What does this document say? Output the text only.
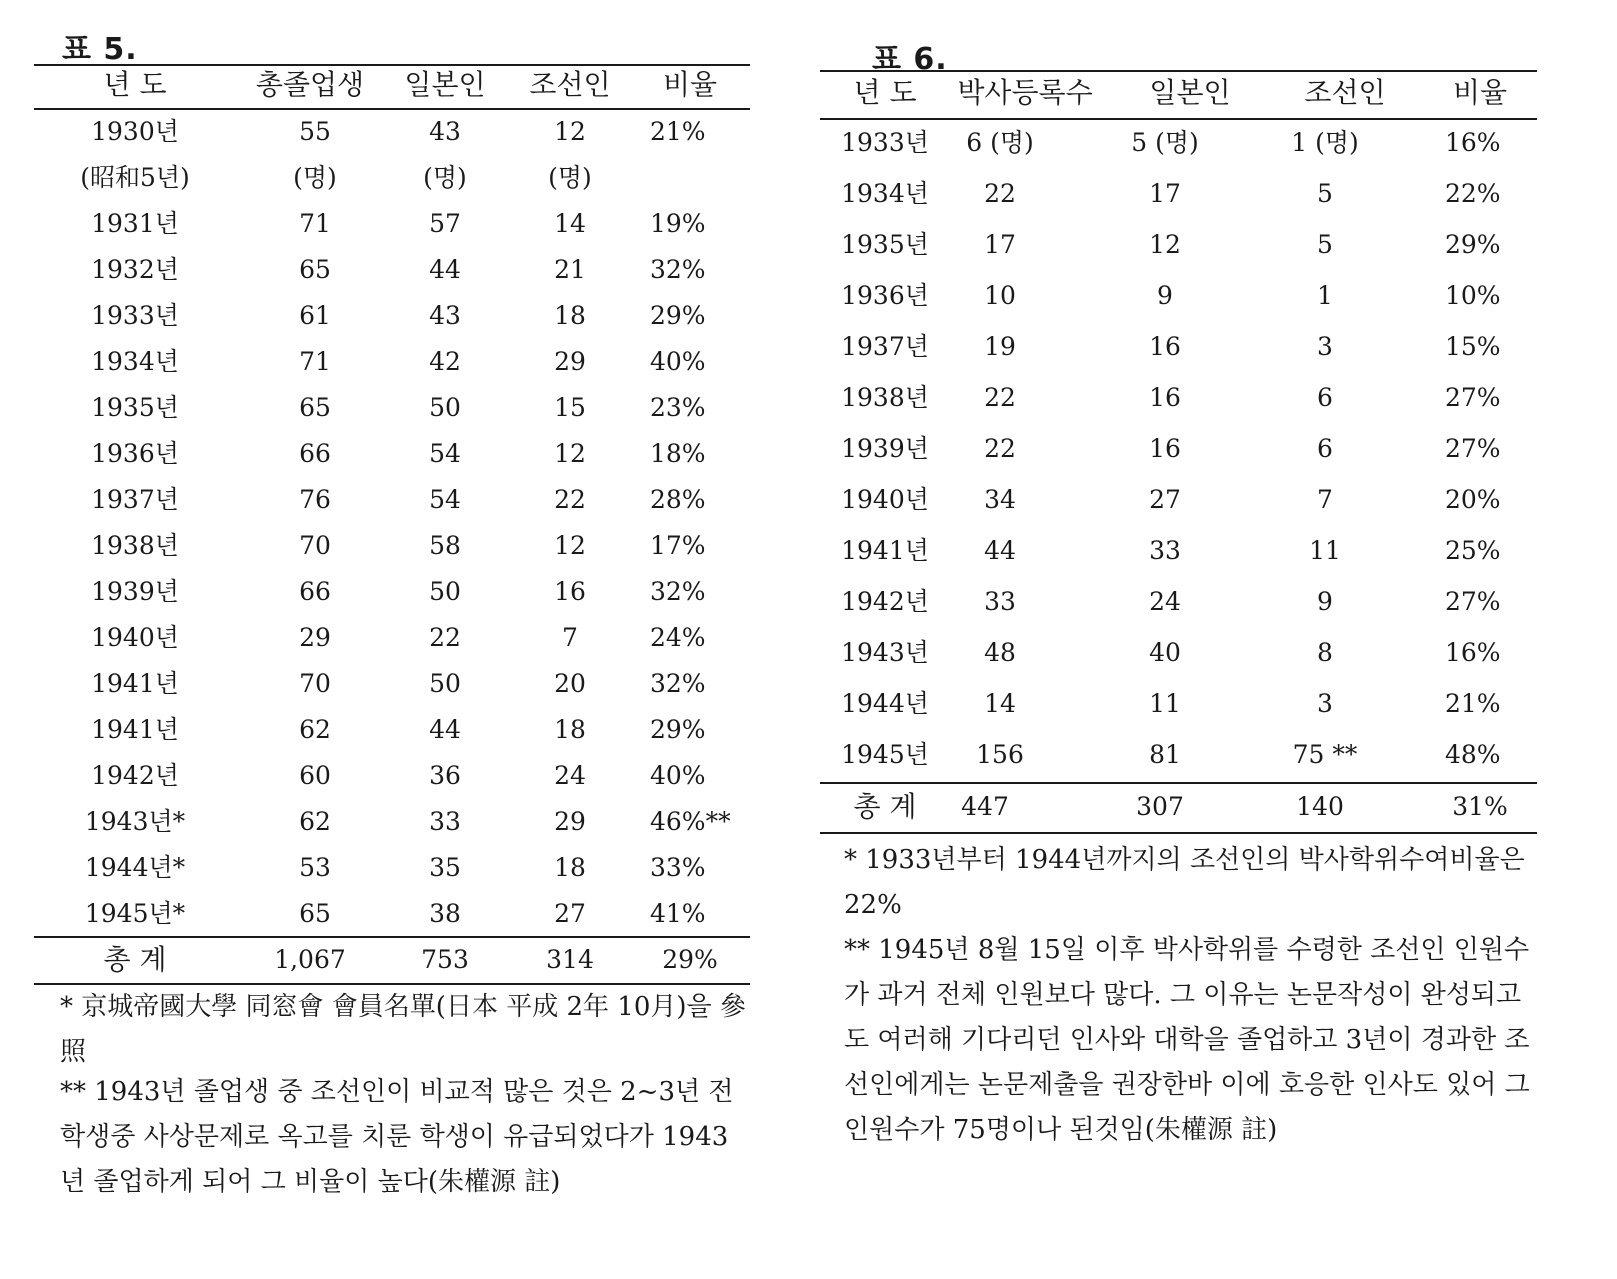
표 5.
년 도	총졸업생	일본인	조선인	비율
1930년	55	43	12	21%
(昭和5년)	(명)	(명)	(명)
1931년	71	57	14	19%
1932년	65	44	21	32%
1933년	61	43	18	29%
1934년	71	42	29	40%
1935년	65	50	15	23%
1936년	66	54	12	18%
1937년	76	54	22	28%
1938년	70	58	12	17%
1939년	66	50	16	32%
1940년	29	22	7	24%
1941년	70	50	20	32%
1941년	62	44	18	29%
1942년	60	36	24	40%
1943년*	62	33	29	46%**
1944년*	53	35	18	33%
1945년*	65	38	27	41%
총 계	1,067	753	314	29%
* 京城帝國大學 同窓會 會員名單(日本 平成 2年 10月)을 參照
** 1943년 졸업생 중 조선인이 비교적 많은 것은 2~3년 전학생중 사상문제로 옥고를 치룬 학생이 유급되었다가 1943년 졸업하게 되어 그 비율이 높다(朱權源 註)
표 6.
년 도	박사등록수	일본인	조선인	비율
1933년	6 (명)	5 (명)	1 (명)	16%
1934년	22	17	5	22%
1935년	17	12	5	29%
1936년	10	9	1	10%
1937년	19	16	3	15%
1938년	22	16	6	27%
1939년	22	16	6	27%
1940년	34	27	7	20%
1941년	44	33	11	25%
1942년	33	24	9	27%
1943년	48	40	8	16%
1944년	14	11	3	21%
1945년	156	81	75 **	48%
총 계	447	307	140	31%
* 1933년부터 1944년까지의 조선인의 박사학위수여비율은 22%
** 1945년 8월 15일 이후 박사학위를 수령한 조선인 인원수가 과거 전체 인원보다 많다. 그 이유는 논문작성이 완성되고도 여러해 기다리던 인사와 대학을 졸업하고 3년이 경과한 조선인에게는 논문제출을 권장한바 이에 호응한 인사도 있어 그 인원수가 75명이나 된것임(朱權源 註)
